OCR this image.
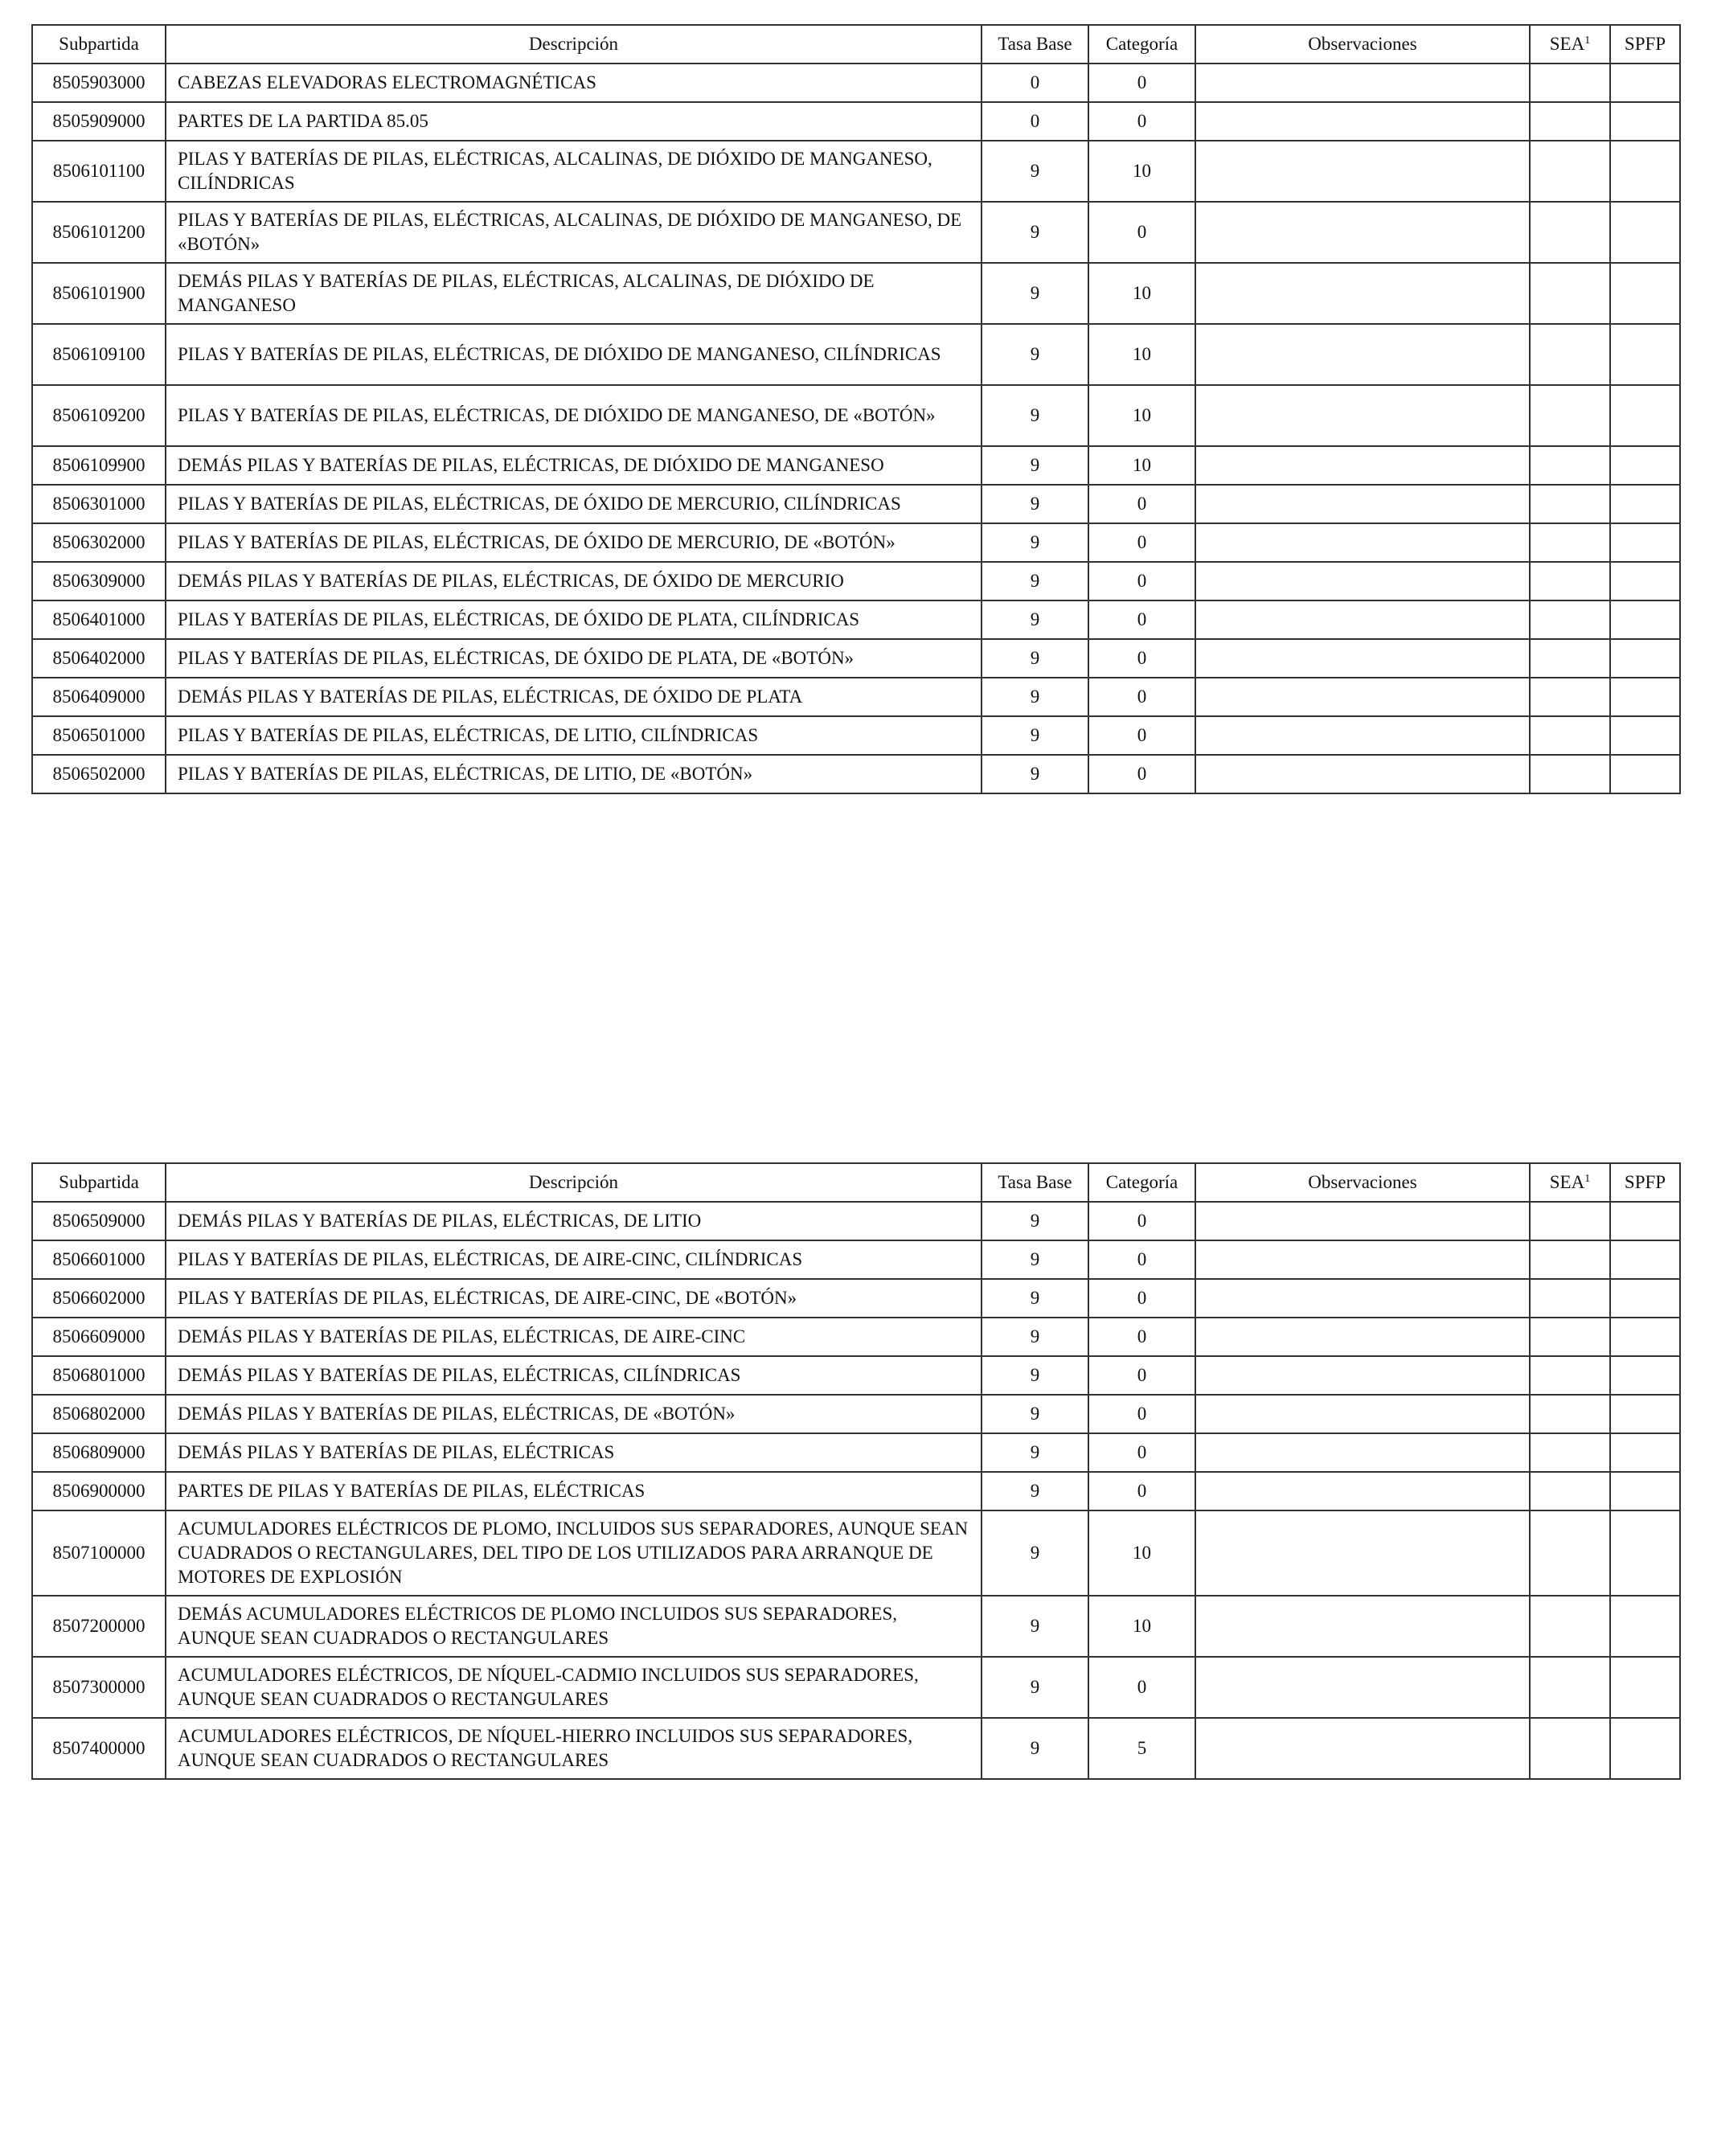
Subpartida	Descripción	Tasa Base	Categoría	Observaciones	SEA$^1$	SPFP
8505903000	CABEZAS ELEVADORAS ELECTROMAGNÉTICAS	0	0			
8505909000	PARTES DE LA PARTIDA 85.05	0	0			
8506101100	PILAS Y BATERÍAS DE PILAS, ELÉCTRICAS, ALCALINAS, DE DIÓXIDO DE MANGANESO, CILÍNDRICAS	9	10			
8506101200	PILAS Y BATERÍAS DE PILAS, ELÉCTRICAS, ALCALINAS, DE DIÓXIDO DE MANGANESO, DE «BOTÓN»	9	0			
8506101900	DEMÁS PILAS Y BATERÍAS DE PILAS, ELÉCTRICAS, ALCALINAS, DE DIÓXIDO DE MANGANESO	9	10			
8506109100	PILAS Y BATERÍAS DE PILAS, ELÉCTRICAS, DE DIÓXIDO DE MANGANESO, CILÍNDRICAS	9	10			
8506109200	PILAS Y BATERÍAS DE PILAS, ELÉCTRICAS, DE DIÓXIDO DE MANGANESO, DE «BOTÓN»	9	10			
8506109900	DEMÁS PILAS Y BATERÍAS DE PILAS, ELÉCTRICAS, DE DIÓXIDO DE MANGANESO	9	10			
8506301000	PILAS Y BATERÍAS DE PILAS, ELÉCTRICAS, DE ÓXIDO DE MERCURIO, CILÍNDRICAS	9	0			
8506302000	PILAS Y BATERÍAS DE PILAS, ELÉCTRICAS, DE ÓXIDO DE MERCURIO, DE «BOTÓN»	9	0			
8506309000	DEMÁS PILAS Y BATERÍAS DE PILAS, ELÉCTRICAS, DE ÓXIDO DE MERCURIO	9	0			
8506401000	PILAS Y BATERÍAS DE PILAS, ELÉCTRICAS, DE ÓXIDO DE PLATA, CILÍNDRICAS	9	0			
8506402000	PILAS Y BATERÍAS DE PILAS, ELÉCTRICAS, DE ÓXIDO DE PLATA, DE «BOTÓN»	9	0			
8506409000	DEMÁS PILAS Y BATERÍAS DE PILAS, ELÉCTRICAS, DE ÓXIDO DE PLATA	9	0			
8506501000	PILAS Y BATERÍAS DE PILAS, ELÉCTRICAS, DE LITIO, CILÍNDRICAS	9	0			
8506502000	PILAS Y BATERÍAS DE PILAS, ELÉCTRICAS, DE LITIO, DE «BOTÓN»	9	0			
Subpartida	Descripción	Tasa Base	Categoría	Observaciones	SEA$^1$	SPFP
8506509000	DEMÁS PILAS Y BATERÍAS DE PILAS, ELÉCTRICAS, DE LITIO	9	0			
8506601000	PILAS Y BATERÍAS DE PILAS, ELÉCTRICAS, DE AIRE-CINC, CILÍNDRICAS	9	0			
8506602000	PILAS Y BATERÍAS DE PILAS, ELÉCTRICAS, DE AIRE-CINC, DE «BOTÓN»	9	0			
8506609000	DEMÁS PILAS Y BATERÍAS DE PILAS, ELÉCTRICAS, DE AIRE-CINC	9	0			
8506801000	DEMÁS PILAS Y BATERÍAS DE PILAS, ELÉCTRICAS, CILÍNDRICAS	9	0			
8506802000	DEMÁS PILAS Y BATERÍAS DE PILAS, ELÉCTRICAS, DE «BOTÓN»	9	0			
8506809000	DEMÁS PILAS Y BATERÍAS DE PILAS, ELÉCTRICAS	9	0			
8506900000	PARTES DE PILAS Y BATERÍAS DE PILAS, ELÉCTRICAS	9	0			
8507100000	ACUMULADORES ELÉCTRICOS DE PLOMO, INCLUIDOS SUS SEPARADORES, AUNQUE SEAN CUADRADOS O RECTANGULARES, DEL TIPO DE LOS UTILIZADOS PARA ARRANQUE DE MOTORES DE EXPLOSIÓN	9	10			
8507200000	DEMÁS ACUMULADORES ELÉCTRICOS DE PLOMO INCLUIDOS SUS SEPARADORES, AUNQUE SEAN CUADRADOS O RECTANGULARES	9	10			
8507300000	ACUMULADORES ELÉCTRICOS, DE NÍQUEL-CADMIO INCLUIDOS SUS SEPARADORES, AUNQUE SEAN CUADRADOS O RECTANGULARES	9	0			
8507400000	ACUMULADORES ELÉCTRICOS, DE NÍQUEL-HIERRO INCLUIDOS SUS SEPARADORES, AUNQUE SEAN CUADRADOS O RECTANGULARES	9	5			
